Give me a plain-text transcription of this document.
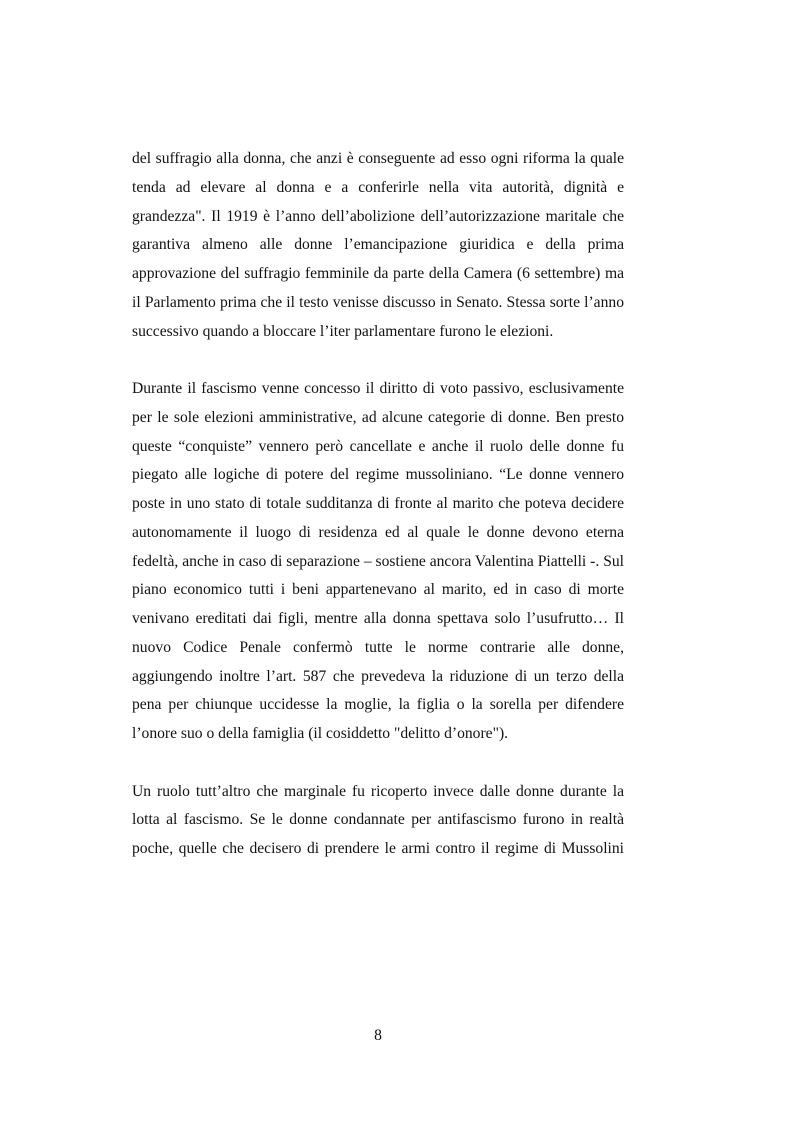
del suffragio alla donna, che anzi è conseguente ad esso ogni riforma la quale tenda ad elevare al donna e a conferirle nella vita autorità, dignità e grandezza". Il 1919 è l’anno dell’abolizione dell’autorizzazione maritale che garantiva almeno alle donne l’emancipazione giuridica e della prima approvazione del suffragio femminile da parte della Camera (6 settembre) ma il Parlamento prima che il testo venisse discusso in Senato. Stessa sorte l’anno successivo quando a bloccare l’iter parlamentare furono le elezioni.

Durante il fascismo venne concesso il diritto di voto passivo, esclusivamente per le sole elezioni amministrative, ad alcune categorie di donne. Ben presto queste “conquiste” vennero però cancellate e anche il ruolo delle donne fu piegato alle logiche di potere del regime mussoliniano. “Le donne vennero poste in uno stato di totale sudditanza di fronte al marito che poteva decidere autonomamente il luogo di residenza ed al quale le donne devono eterna fedeltà, anche in caso di separazione – sostiene ancora Valentina Piattelli -. Sul piano economico tutti i beni appartenevano al marito, ed in caso di morte venivano ereditati dai figli, mentre alla donna spettava solo l’usufrutto… Il nuovo Codice Penale confermò tutte le norme contrarie alle donne, aggiungendo inoltre l’art. 587 che prevedeva la riduzione di un terzo della pena per chiunque uccidesse la moglie, la figlia o la sorella per difendere l’onore suo o della famiglia (il cosiddetto "delitto d’onore").

Un ruolo tutt’altro che marginale fu ricoperto invece dalle donne durante la lotta al fascismo. Se le donne condannate per antifascismo furono in realtà poche, quelle che decisero di prendere le armi contro il regime di Mussolini

8
